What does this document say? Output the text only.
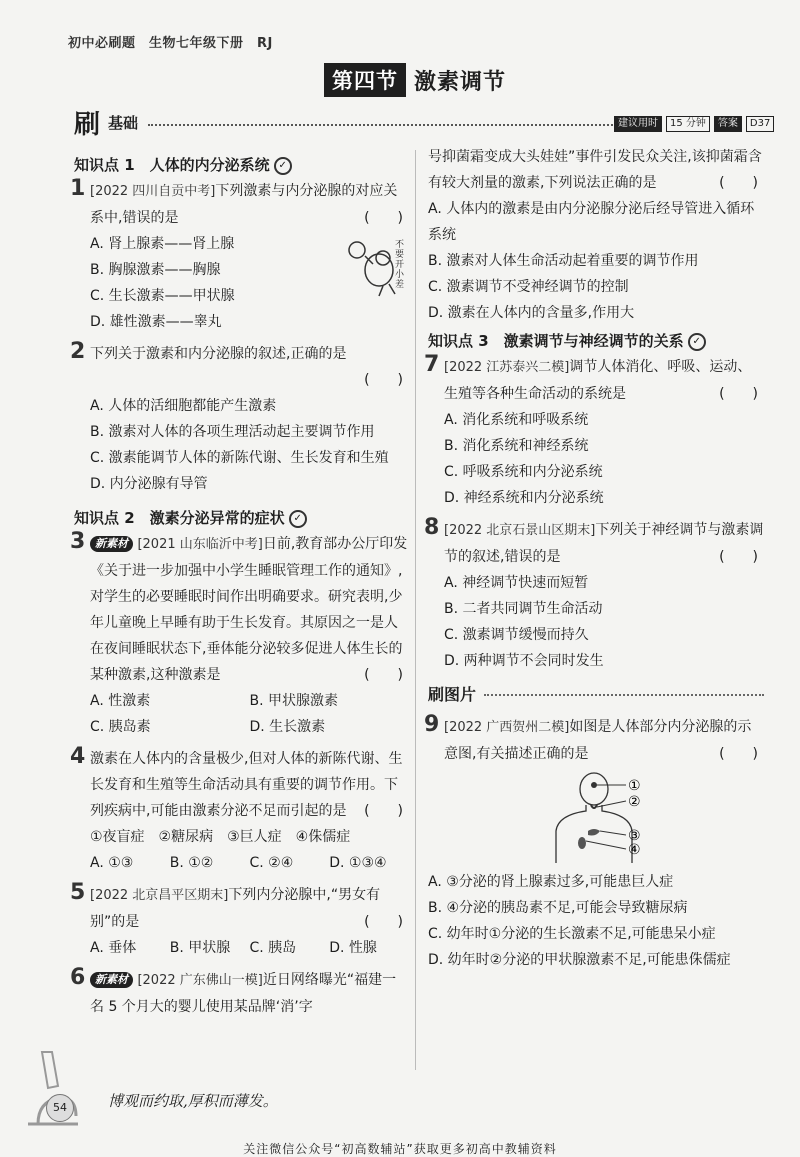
初中必刷题　生物七年级下册　RJ
第四节 激素调节
刷 基础	建议用时	15 分钟	答案	D37
不要开小差
知识点 1　人体的内分泌系统 ✓
1 [2022 四川自贡中考]下列激素与内分泌腺的对应关系中,错误的是	(　　)
A. 肾上腺素——肾上腺
B. 胸腺激素——胸腺
C. 生长激素——甲状腺
D. 雄性激素——睾丸
2 下列关于激素和内分泌腺的叙述,正确的是
(　　)
A. 人体的活细胞都能产生激素
B. 激素对人体的各项生理活动起主要调节作用
C. 激素能调节人体的新陈代谢、生长发育和生殖
D. 内分泌腺有导管
知识点 2　激素分泌异常的症状 ✓
3 新素材 [2021 山东临沂中考]日前,教育部办公厅印发《关于进一步加强中小学生睡眠管理工作的通知》,对学生的必要睡眠时间作出明确要求。研究表明,少年儿童晚上早睡有助于生长发育。其原因之一是人在夜间睡眠状态下,垂体能分泌较多促进人体生长的某种激素,这种激素是	(　　)
A. 性激素	B. 甲状腺激素
C. 胰岛素	D. 生长激素
4 激素在人体内的含量极少,但对人体的新陈代谢、生长发育和生殖等生命活动具有重要的调节作用。下列疾病中,可能由激素分泌不足而引起的是 (　　)
①夜盲症　②糖尿病　③巨人症　④侏儒症
A. ①③	B. ①②	C. ②④	D. ①③④
5 [2022 北京昌平区期末]下列内分泌腺中,“男女有别”的是	(　　)
A. 垂体	B. 甲状腺	C. 胰岛	D. 性腺
6 新素材 [2022 广东佛山一模]近日网络曝光“福建一名 5 个月大的婴儿使用某品牌‘消’字
号抑菌霜变成大头娃娃”事件引发民众关注,该抑菌霜含有较大剂量的激素,下列说法正确的是	(　　)
A. 人体内的激素是由内分泌腺分泌后经导管进入循环系统
B. 激素对人体生命活动起着重要的调节作用
C. 激素调节不受神经调节的控制
D. 激素在人体内的含量多,作用大
知识点 3　激素调节与神经调节的关系 ✓
7 [2022 江苏泰兴二模]调节人体消化、呼吸、运动、生殖等各种生命活动的系统是	(　　)
A. 消化系统和呼吸系统
B. 消化系统和神经系统
C. 呼吸系统和内分泌系统
D. 神经系统和内分泌系统
8 [2022 北京石景山区期末]下列关于神经调节与激素调节的叙述,错误的是	(　　)
A. 神经调节快速而短暂
B. 二者共同调节生命活动
C. 激素调节缓慢而持久
D. 两种调节不会同时发生
刷图片
9 [2022 广西贺州二模]如图是人体部分内分泌腺的示意图,有关描述正确的是	(　　)
①
②
③
④
A. ③分泌的肾上腺素过多,可能患巨人症
B. ④分泌的胰岛素不足,可能会导致糖尿病
C. 幼年时①分泌的生长激素不足,可能患呆小症
D. 幼年时②分泌的甲状腺激素不足,可能患侏儒症
54	博观而约取,厚积而薄发。
关注微信公众号“初高数辅站”获取更多初高中教辅资料
